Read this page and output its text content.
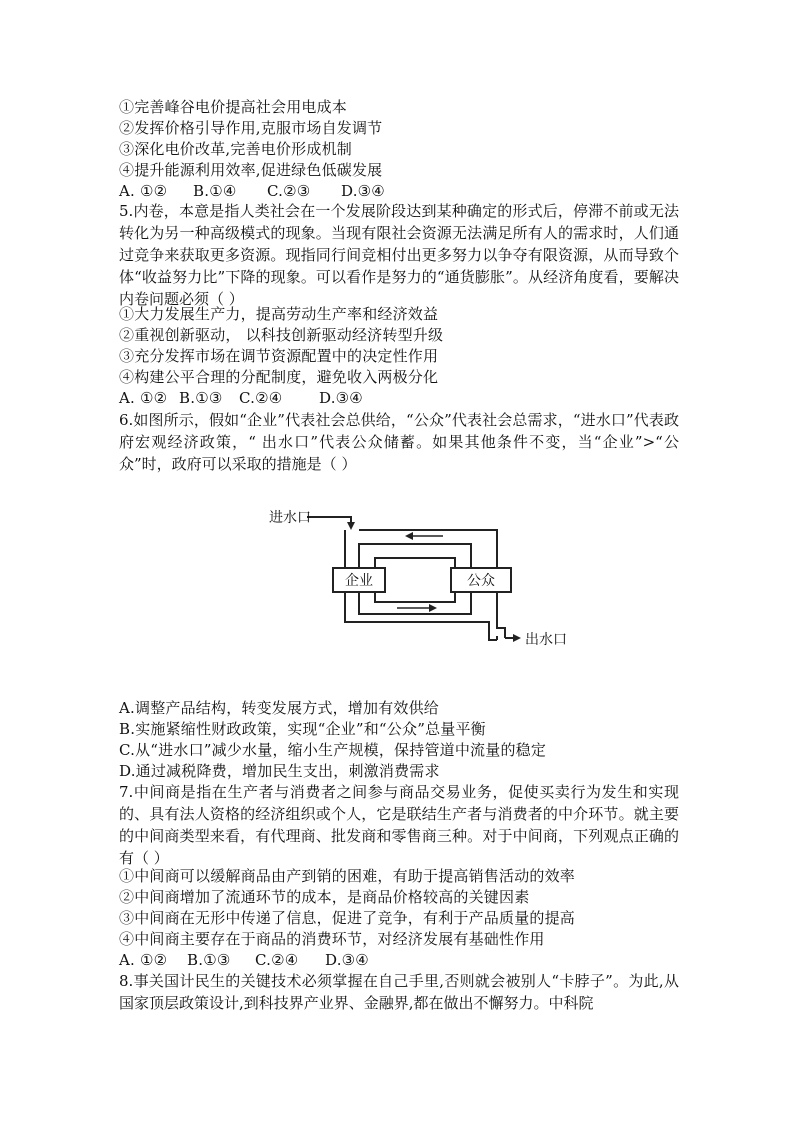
①完善峰谷电价提高社会用电成本
②发挥价格引导作用,克服市场自发调节
③深化电价改革,完善电价形成机制
④提升能源利用效率,促进绿色低碳发展
A. ①② B.①④ C.②③ D.③④
5.内卷，本意是指人类社会在一个发展阶段达到某种确定的形式后，停滞不前或无法转化为另一种高级模式的现象。当现有限社会资源无法满足所有人的需求时，人们通过竞争来获取更多资源。现指同行间竞相付出更多努力以争夺有限资源，从而导致个体“收益努力比”下降的现象。可以看作是努力的“通货膨胀”。从经济角度看，要解决内卷问题必须（ ）
①大力发展生产力，提高劳动生产率和经济效益
②重视创新驱动， 以科技创新驱动经济转型升级
③充分发挥市场在调节资源配置中的决定性作用
④构建公平合理的分配制度，避免收入两极分化
A. ①② B.①③ C.②④ D.③④
6.如图所示，假如“企业”代表社会总供给，“公众”代表社会总需求，“进水口”代表政府宏观经济政策，“ 出水口”代表公众储蓄。如果其他条件不变，当“企业”>“公众”时，政府可以采取的措施是（ ）
企业	公众
进水口
出水口
A.调整产品结构，转变发展方式，增加有效供给
B.实施紧缩性财政政策，实现“企业”和“公众”总量平衡
C.从“进水口”减少水量，缩小生产规模，保持管道中流量的稳定
D.通过减税降费，增加民生支出，刺激消费需求
7.中间商是指在生产者与消费者之间参与商品交易业务，促使买卖行为发生和实现的、具有法人资格的经济组织或个人，它是联结生产者与消费者的中介环节。就主要的中间商类型来看，有代理商、批发商和零售商三种。对于中间商，下列观点正确的有（ ）
①中间商可以缓解商品由产到销的困难，有助于提高销售活动的效率
②中间商增加了流通环节的成本，是商品价格较高的关键因素
③中间商在无形中传递了信息，促进了竞争，有利于产品质量的提高
④中间商主要存在于商品的消费环节，对经济发展有基础性作用
A. ①② B.①③ C.②④ D.③④
8.事关国计民生的关键技术必须掌握在自己手里,否则就会被别人“卡脖子”。为此,从国家顶层政策设计,到科技界产业界、金融界,都在做出不懈努力。中科院
